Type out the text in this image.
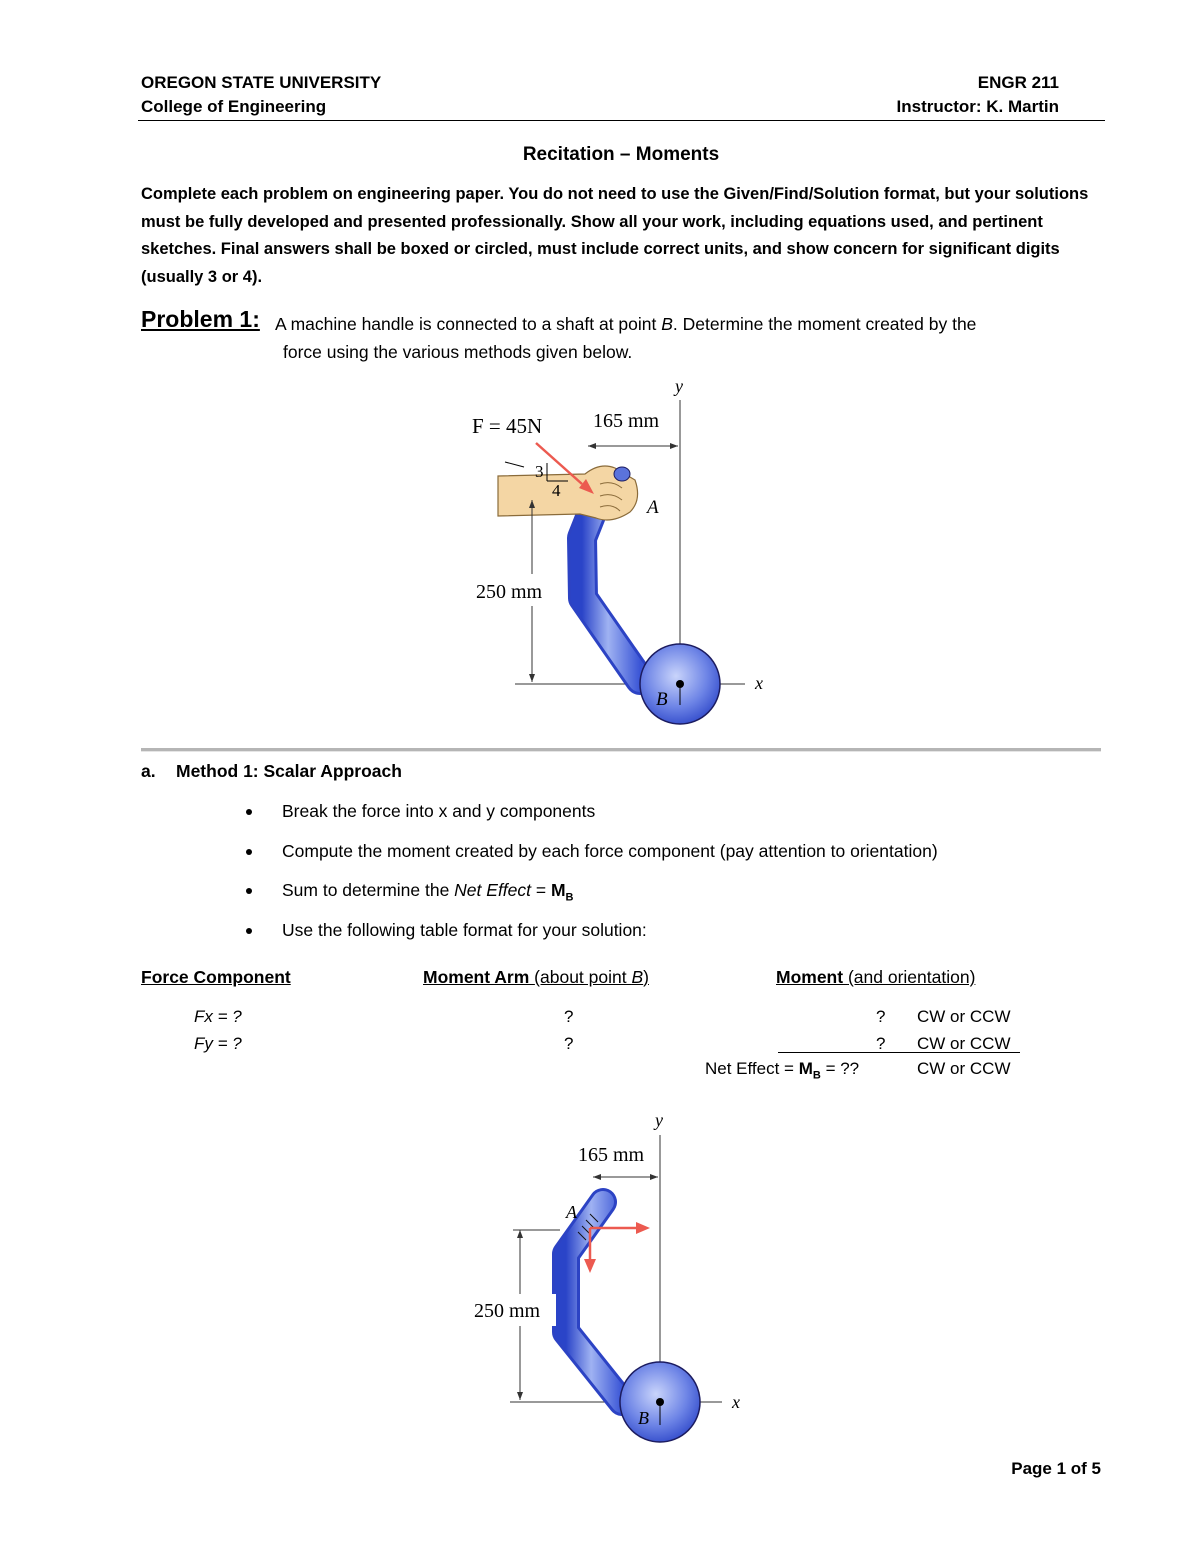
OREGON STATE UNIVERSITY
College of Engineering
ENGR 211
Instructor: K. Martin
Recitation – Moments
Complete each problem on engineering paper. You do not need to use the Given/Find/Solution format, but your solutions must be fully developed and presented professionally. Show all your work, including equations used, and pertinent sketches. Final answers shall be boxed or circled, must include correct units, and show concern for significant digits (usually 3 or 4).
Problem 1: A machine handle is connected to a shaft at point B. Determine the moment created by the
force using the various methods given below.
y
x
F = 45N
3
4
165 mm
250 mm
A
B
a. Method 1: Scalar Approach
Break the force into x and y components
Compute the moment created by each force component (pay attention to orientation)
Sum to determine the Net Effect = $M_B$
Use the following table format for your solution:
Force Component	Moment Arm (about point B)	Moment (and orientation)
Fx = ?	?	? CW or CCW
Fy = ?	?	? CW or CCW
Net Effect = $M_B$ = ??	CW or CCW
y
x
165 mm
250 mm
A
B
Page 1 of 5
